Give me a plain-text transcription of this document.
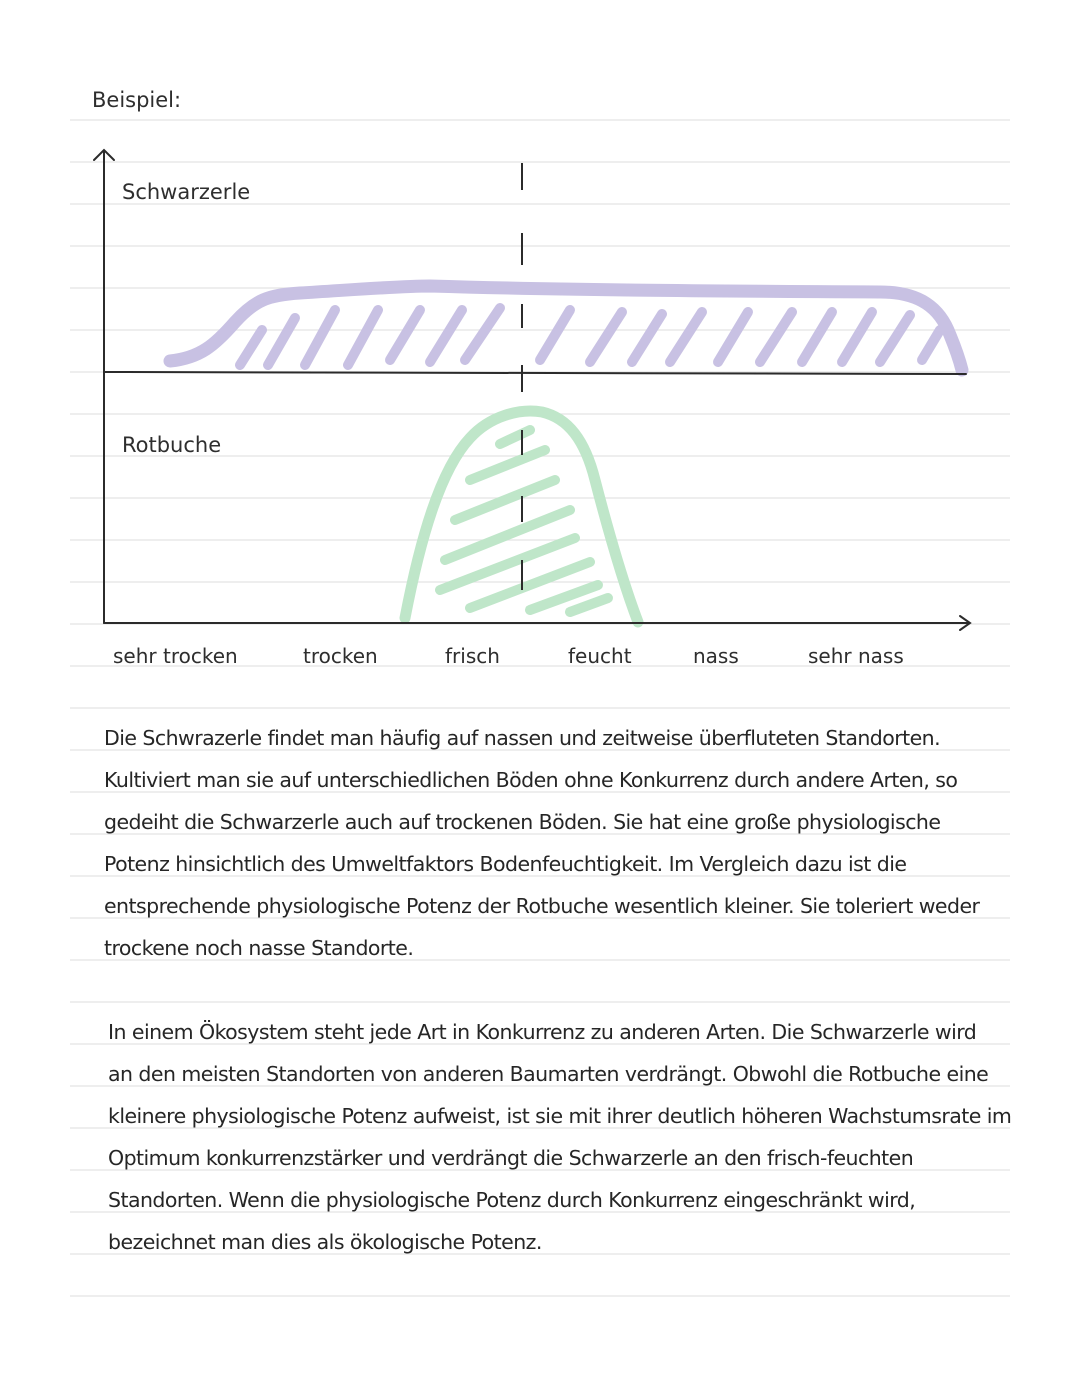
Beispiel:
Schwarzerle
Rotbuche
sehr trocken	trocken	frisch	feucht	nass	sehr nass
Die Schwrazerle findet man häufig auf nassen und zeitweise überfluteten Standorten.
Kultiviert man sie auf unterschiedlichen Böden ohne Konkurrenz durch andere Arten, so
gedeiht die Schwarzerle auch auf trockenen Böden. Sie hat eine große physiologische
Potenz hinsichtlich des Umweltfaktors Bodenfeuchtigkeit. Im Vergleich dazu ist die
entsprechende physiologische Potenz der Rotbuche wesentlich kleiner. Sie toleriert weder
trockene noch nasse Standorte.
In einem Ökosystem steht jede Art in Konkurrenz zu anderen Arten. Die Schwarzerle wird
an den meisten Standorten von anderen Baumarten verdrängt. Obwohl die Rotbuche eine
kleinere physiologische Potenz aufweist, ist sie mit ihrer deutlich höheren Wachstumsrate im
Optimum konkurrenzstärker und verdrängt die Schwarzerle an den frisch-feuchten
Standorten. Wenn die physiologische Potenz durch Konkurrenz eingeschränkt wird,
bezeichnet man dies als ökologische Potenz.
